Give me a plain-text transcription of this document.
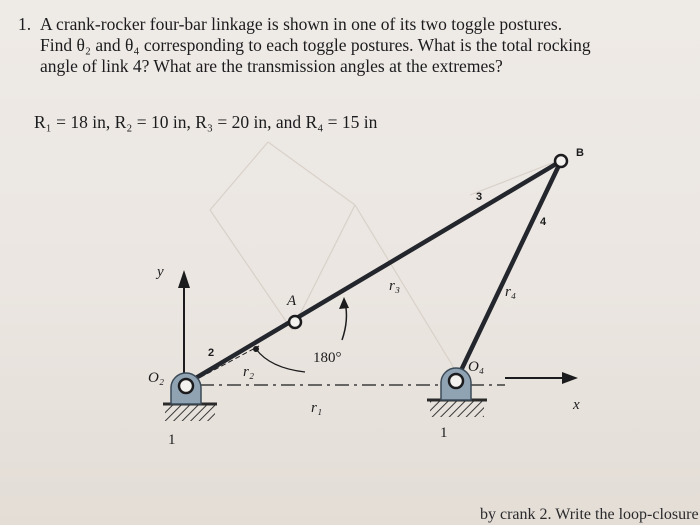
1. A crank-rocker four-bar linkage is shown in one of its two toggle postures.
Find θ₂ and θ₄ corresponding to each toggle postures. What is the total rocking
angle of link 4? What are the transmission angles at the extremes?
R₁ = 18 in, R₂ = 10 in, R₃ = 20 in, and R₄ = 15 in
x
y
B
A
O₂
O₄
2
3
4
r₁
r₂
r₃	r₄
180°
1	1
by crank 2. Write the loop-closure
